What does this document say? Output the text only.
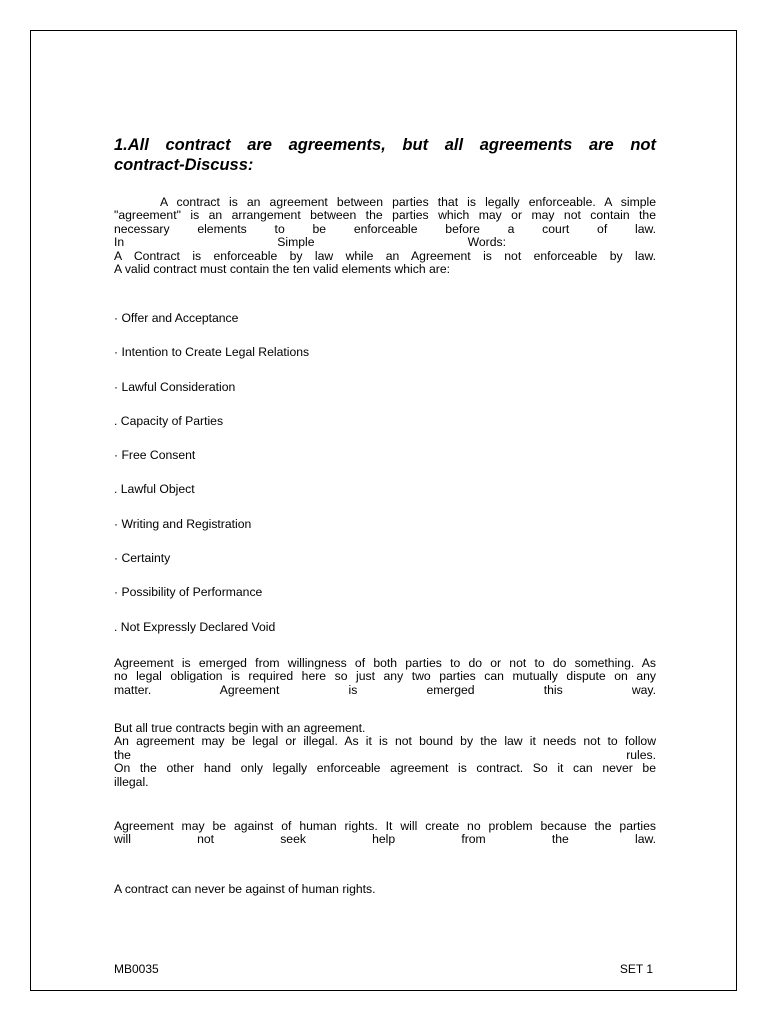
1.All contract are agreements, but all agreements are not
contract-Discuss:

A contract is an agreement between parties that is legally enforceable. A simple

"agreement" is an arrangement between the parties which may or may not contain the

necessary elements to be enforceable before a court of law.

In Simple Words:

A Contract is enforceable by law while an Agreement is not enforceable by law.

A valid contract must contain the ten valid elements which are:

· Offer and Acceptance
· Intention to Create Legal Relations
· Lawful Consideration
. Capacity of Parties
· Free Consent
. Lawful Object
· Writing and Registration
· Certainty
· Possibility of Performance
. Not Expressly Declared Void

Agreement is emerged from willingness of both parties to do or not to do something. As

no legal obligation is required here so just any two parties can mutually dispute on any

matter. Agreement is emerged this way.

But all true contracts begin with an agreement.

An agreement may be legal or illegal. As it is not bound by the law it needs not to follow

the rules.

On the other hand only legally enforceable agreement is contract. So it can never be

illegal.

Agreement may be against of human rights. It will create no problem because the parties

will not seek help from the law.

A contract can never be against of human rights.

MB0035	SET 1
